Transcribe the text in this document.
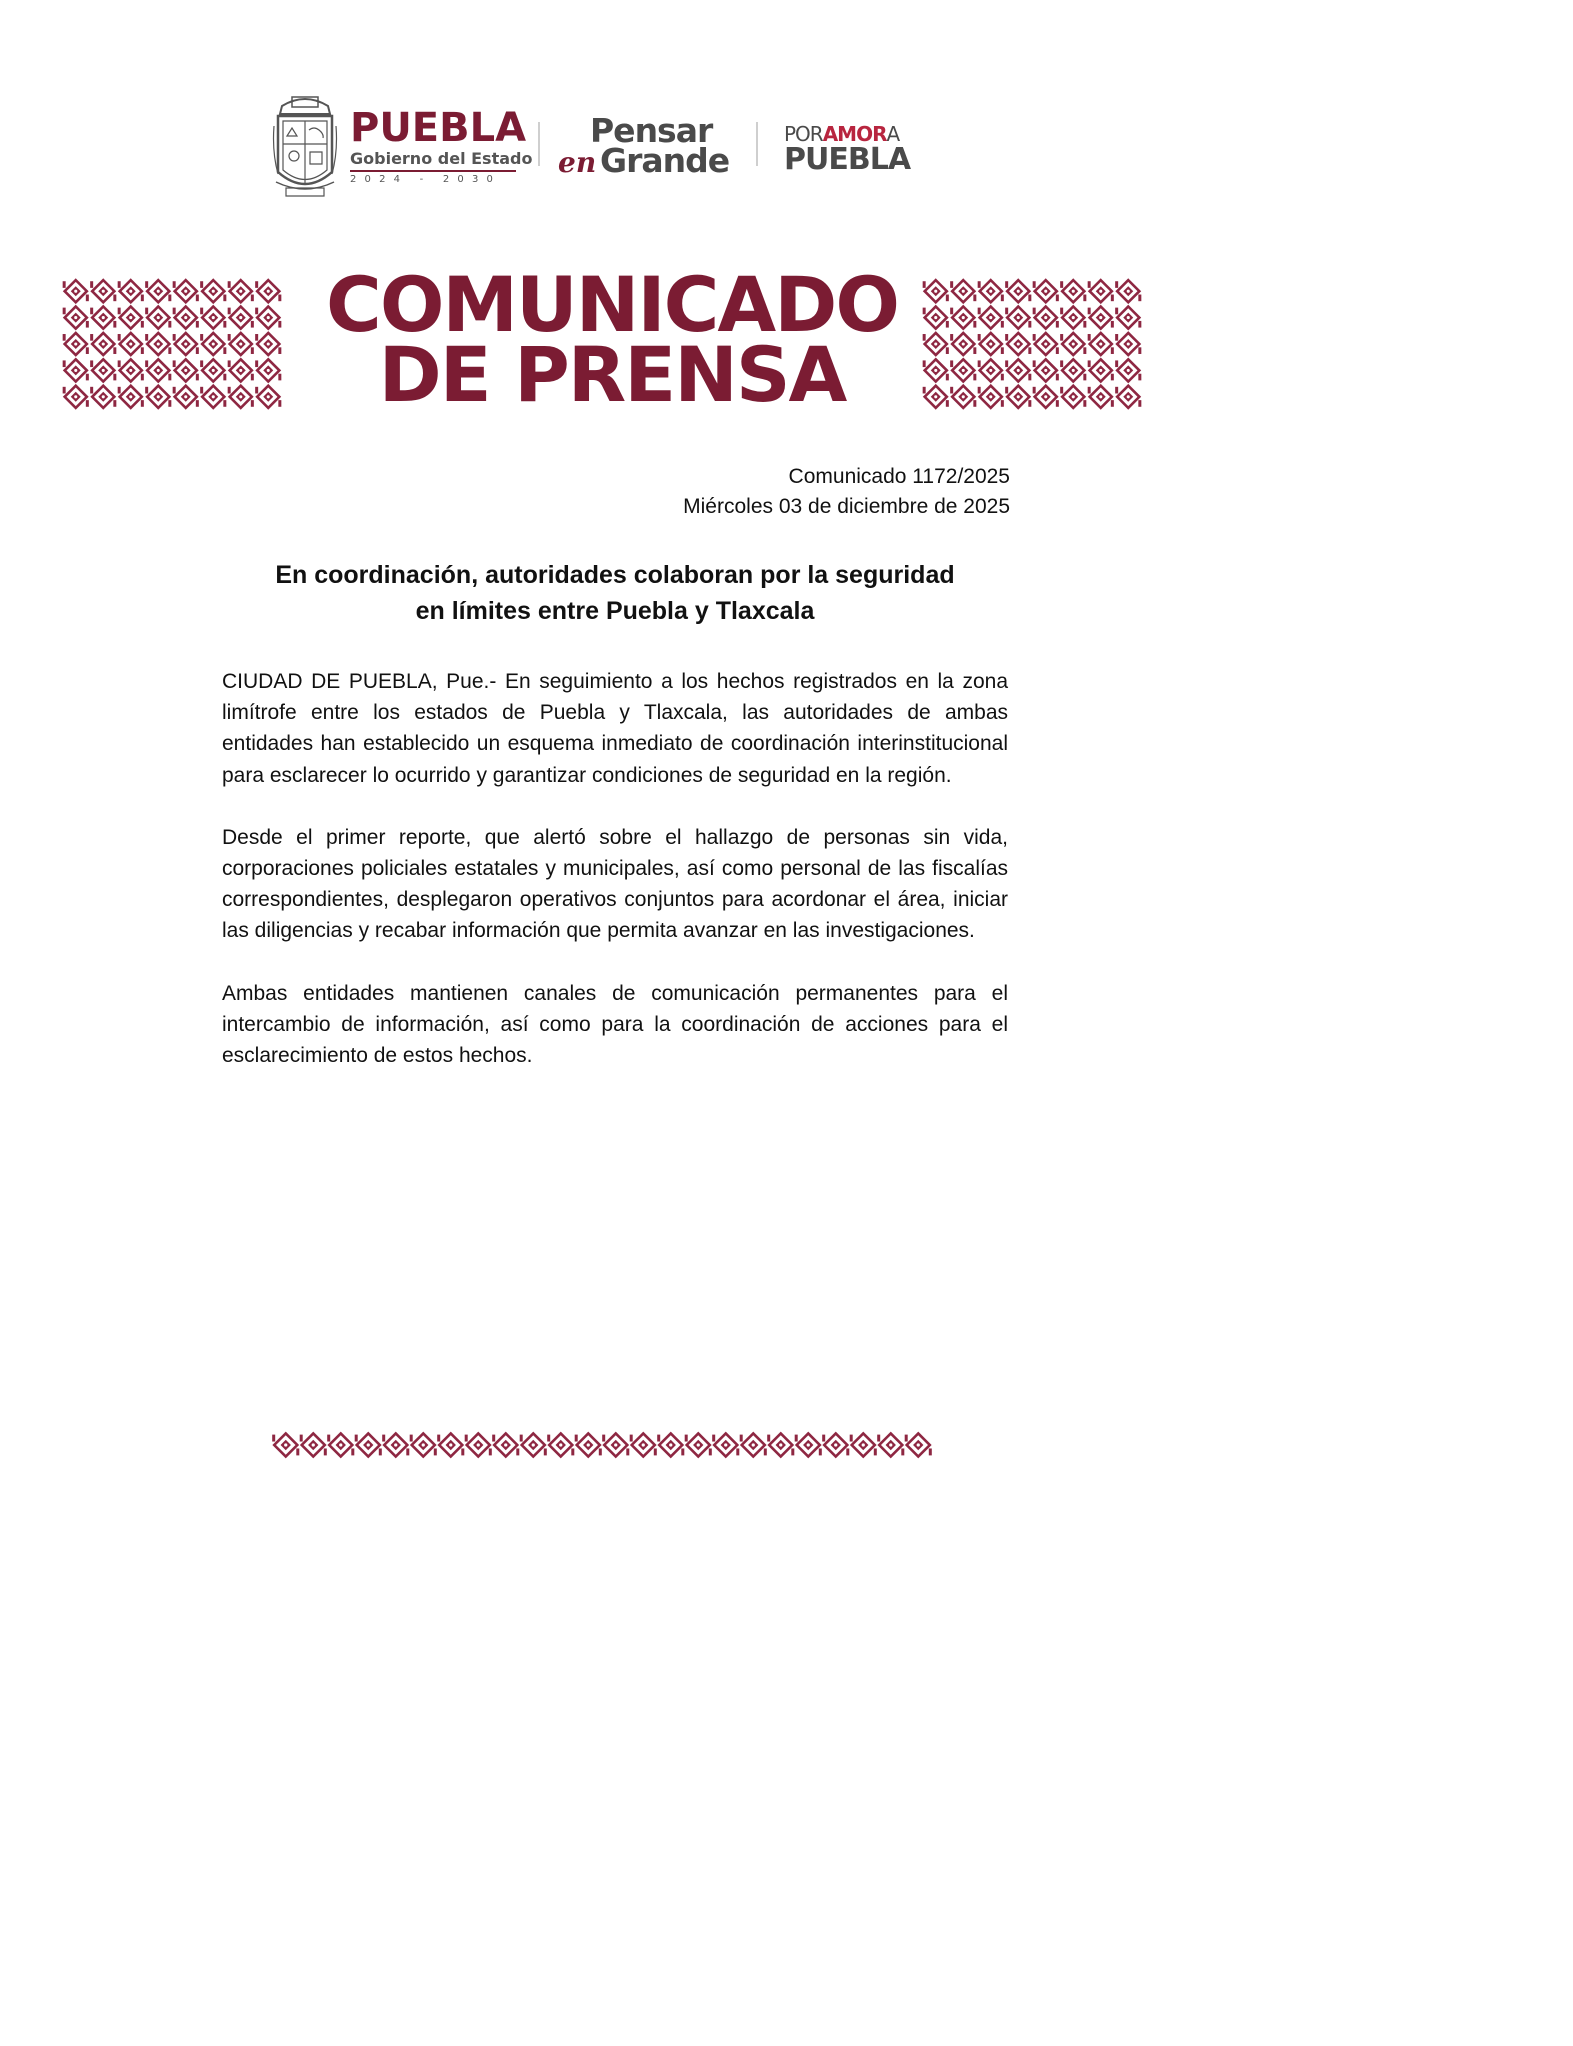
PUEBLA
Gobierno del Estado
2024 - 2030
Pensar
en Grande
PORAMORA
PUEBLA
COMUNICADO
DE PRENSA
Comunicado 1172/2025
Miércoles 03 de diciembre de 2025
En coordinación, autoridades colaboran por la seguridad
en límites entre Puebla y Tlaxcala

CIUDAD DE PUEBLA, Pue.- En seguimiento a los hechos registrados en la zona limítrofe entre los estados de Puebla y Tlaxcala, las autoridades de ambas entidades han establecido un esquema inmediato de coordinación interinstitucional para esclarecer lo ocurrido y garantizar condiciones de seguridad en la región.

Desde el primer reporte, que alertó sobre el hallazgo de personas sin vida, corporaciones policiales estatales y municipales, así como personal de las fiscalías correspondientes, desplegaron operativos conjuntos para acordonar el área, iniciar las diligencias y recabar información que permita avanzar en las investigaciones.

Ambas entidades mantienen canales de comunicación permanentes para el intercambio de información, así como para la coordinación de acciones para el esclarecimiento de estos hechos.
